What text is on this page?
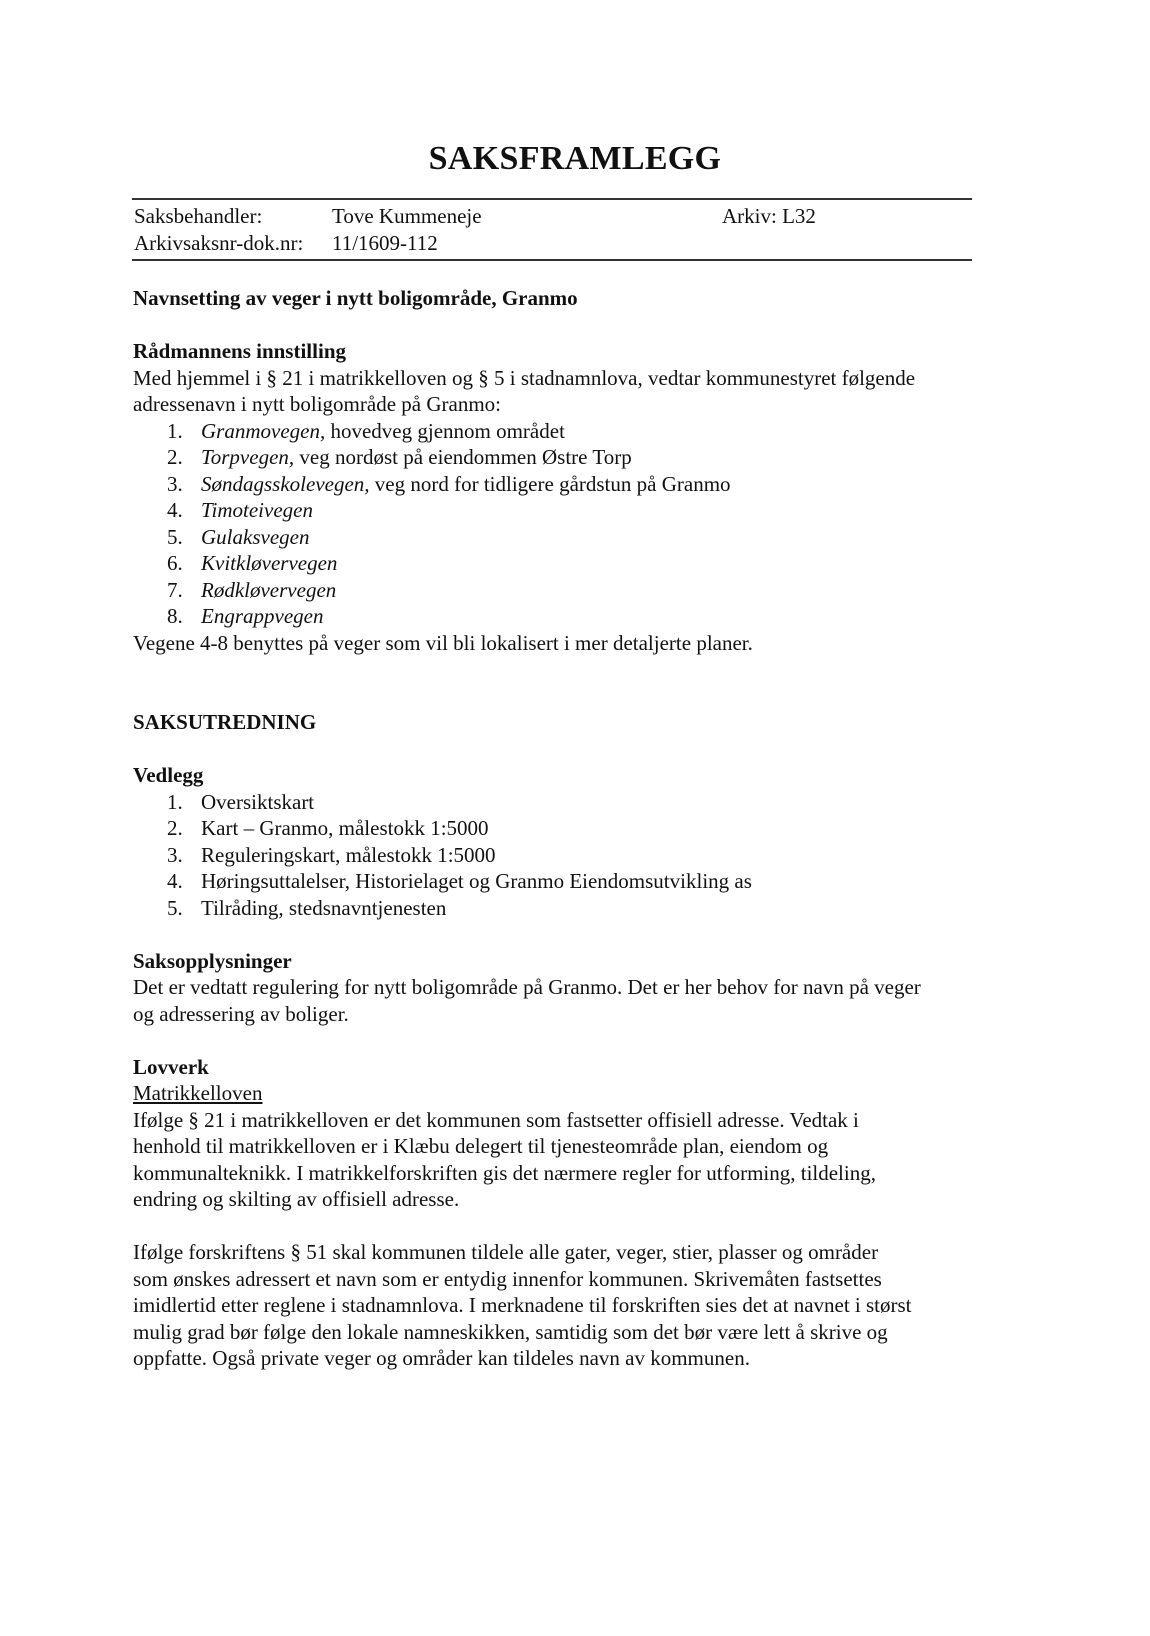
SAKSFRAMLEGG
Saksbehandler:	Tove Kummeneje	Arkiv: L32
Arkivsaksnr-dok.nr: 11/1609-112

Navnsetting av veger i nytt boligområde, Granmo

Rådmannens innstilling

Med hjemmel i § 21 i matrikkelloven og § 5 i stadnamnlova, vedtar kommunestyret følgende

adressenavn i nytt boligområde på Granmo:

1. Granmovegen, hovedveg gjennom området
2. Torpvegen, veg nordøst på eiendommen Østre Torp
3. Søndagsskolevegen, veg nord for tidligere gårdstun på Granmo
4. Timoteivegen
5. Gulaksvegen
6. Kvitkløvervegen
7. Rødkløvervegen
8. Engrappvegen

Vegene 4-8 benyttes på veger som vil bli lokalisert i mer detaljerte planer.

SAKSUTREDNING

Vedlegg

1. Oversiktskart
2. Kart – Granmo, målestokk 1:5000
3. Reguleringskart, målestokk 1:5000
4. Høringsuttalelser, Historielaget og Granmo Eiendomsutvikling as
5. Tilråding, stedsnavntjenesten

Saksopplysninger

Det er vedtatt regulering for nytt boligområde på Granmo. Det er her behov for navn på veger

og adressering av boliger.

Lovverk

Matrikkelloven

Ifølge § 21 i matrikkelloven er det kommunen som fastsetter offisiell adresse. Vedtak i

henhold til matrikkelloven er i Klæbu delegert til tjenesteområde plan, eiendom og

kommunalteknikk. I matrikkelforskriften gis det nærmere regler for utforming, tildeling,

endring og skilting av offisiell adresse.

Ifølge forskriftens § 51 skal kommunen tildele alle gater, veger, stier, plasser og områder

som ønskes adressert et navn som er entydig innenfor kommunen. Skrivemåten fastsettes

imidlertid etter reglene i stadnamnlova. I merknadene til forskriften sies det at navnet i størst

mulig grad bør følge den lokale namneskikken, samtidig som det bør være lett å skrive og

oppfatte. Også private veger og områder kan tildeles navn av kommunen.
